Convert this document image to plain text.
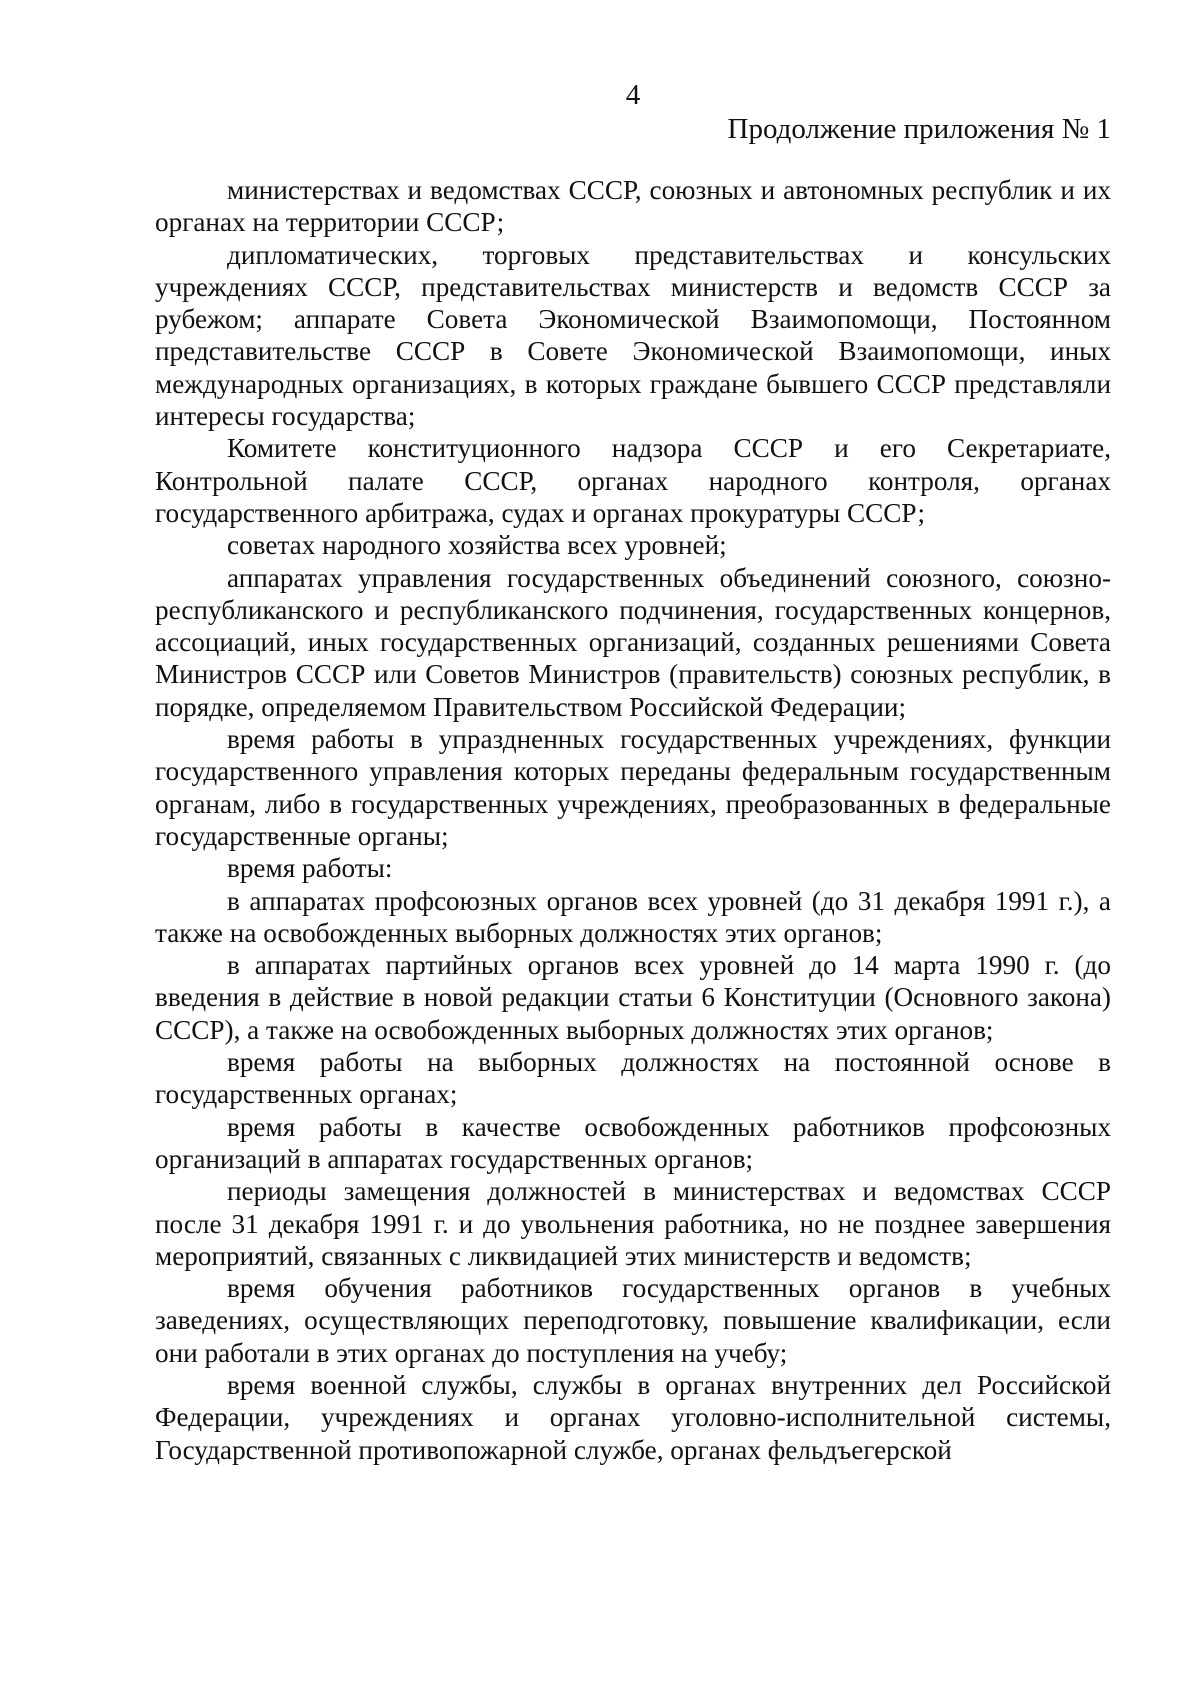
4
Продолжение приложения № 1

министерствах и ведомствах СССР, союзных и автономных республик и их органах на территории СССР;

дипломатических, торговых представительствах и консульских учреждениях СССР, представительствах министерств и ведомств СССР за рубежом; аппарате Совета Экономической Взаимопомощи, Постоянном представительстве СССР в Совете Экономической Взаимопомощи, иных международных организациях, в которых граждане бывшего СССР представляли интересы государства;

Комитете конституционного надзора СССР и его Секретариате, Контрольной палате СССР, органах народного контроля, органах государственного арбитража, судах и органах прокуратуры СССР;

советах народного хозяйства всех уровней;

аппаратах управления государственных объединений союзного, союзно-республиканского и республиканского подчинения, государственных концернов, ассоциаций, иных государственных организаций, созданных решениями Совета Министров СССР или Советов Министров (правительств) союзных республик, в порядке, определяемом Правительством Российской Федерации;

время работы в упраздненных государственных учреждениях, функции государственного управления которых переданы федеральным государственным органам, либо в государственных учреждениях, преобразованных в федеральные государственные органы;

время работы:

в аппаратах профсоюзных органов всех уровней (до 31 декабря 1991 г.), а также на освобожденных выборных должностях этих органов;

в аппаратах партийных органов всех уровней до 14 марта 1990 г. (до введения в действие в новой редакции статьи 6 Конституции (Основного закона) СССР), а также на освобожденных выборных должностях этих органов;

время работы на выборных должностях на постоянной основе в государственных органах;

время работы в качестве освобожденных работников профсоюзных организаций в аппаратах государственных органов;

периоды замещения должностей в министерствах и ведомствах СССР после 31 декабря 1991 г. и до увольнения работника, но не позднее завершения мероприятий, связанных с ликвидацией этих министерств и ведомств;

время обучения работников государственных органов в учебных заведениях, осуществляющих переподготовку, повышение квалификации, если они работали в этих органах до поступления на учебу;

время военной службы, службы в органах внутренних дел Российской Федерации, учреждениях и органах уголовно-исполнительной системы, Государственной противопожарной службе, органах фельдъегерской
